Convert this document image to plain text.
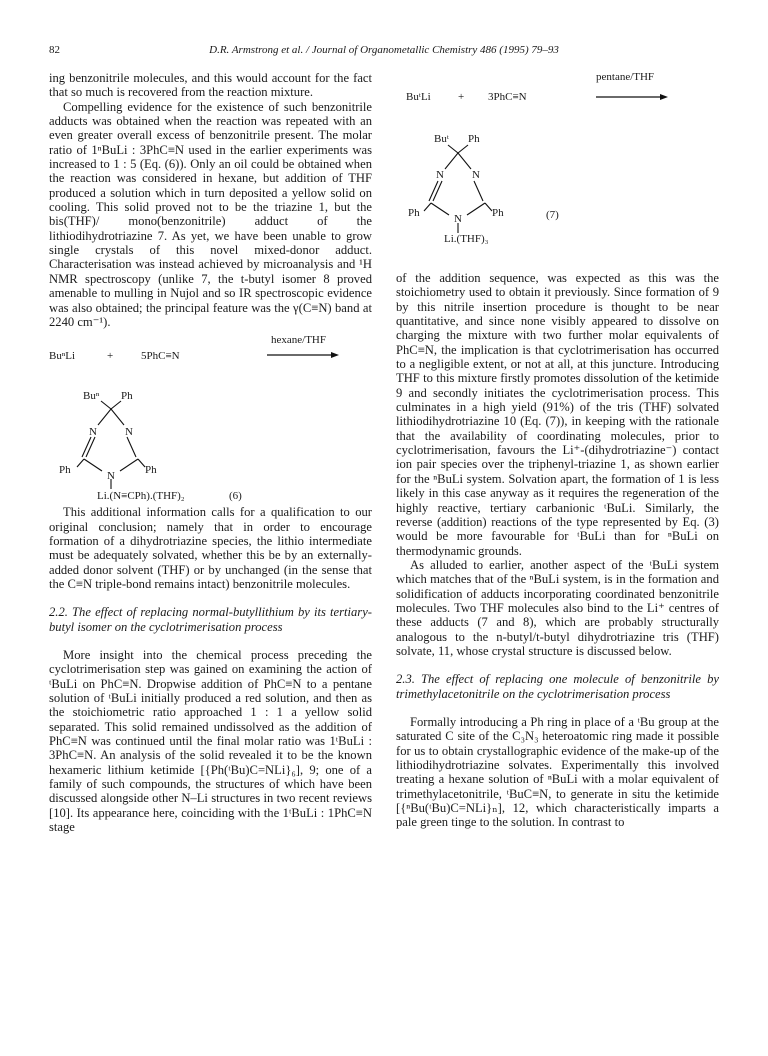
82	D.R. Armstrong et al. / Journal of Organometallic Chemistry 486 (1995) 79–93

ing benzonitrile molecules, and this would account for the fact that so much is recovered from the reaction mixture.

Compelling evidence for the existence of such benzonitrile adducts was obtained when the reaction was repeated with an even greater overall excess of benzonitrile present. The molar ratio of 1ⁿBuLi : 3PhC≡N used in the earlier experiments was increased to 1 : 5 (Eq. (6)). Only an oil could be obtained when the reaction was considered in hexane, but addition of THF produced a solution which in turn deposited a yellow solid on cooling. This solid proved not to be the triazine 1, but the bis(THF)/ mono(benzonitrile) adduct of the lithiodihydrotriazine 7. As yet, we have been unable to grow single crystals of this novel mixed-donor adduct. Characterisation was instead achieved by microanalysis and ¹H NMR spectroscopy (unlike 7, the t-butyl isomer 8 proved amenable to mulling in Nujol and so IR spectroscopic evidence was also obtained; the principal feature was the γ(C≡N) band at 2240 cm⁻¹).

BuⁿLi	+	5PhC≡N
hexane/THF
Buⁿ Ph
N	N
N
Ph	Ph
Li.(N≡CPh).(THF)₂	(6)

This additional information calls for a qualification to our original conclusion; namely that in order to encourage formation of a dihydrotriazine species, the lithio intermediate must be adequately solvated, whether this be by an externally-added donor solvent (THF) or by unchanged (in the sense that the C≡N triple-bond remains intact) benzonitrile molecules.

2.2. The effect of replacing normal-butyllithium by its tertiary-butyl isomer on the cyclotrimerisation process

More insight into the chemical process preceding the cyclotrimerisation step was gained on examining the action of ᵗBuLi on PhC≡N. Dropwise addition of PhC≡N to a pentane solution of ᵗBuLi initially produced a red solution, and then as the stoichiometric ratio approached 1 : 1 a yellow solid separated. This solid remained undissolved as the addition of PhC≡N was continued until the final molar ratio was 1ᵗBuLi : 3PhC≡N. An analysis of the solid revealed it to be the known hexameric lithium ketimide [{Ph(ᵗBu)C=NLi}₆], 9; one of a family of such compounds, the structures of which have been discussed alongside other N–Li structures in two recent reviews [10]. Its appearance here, coinciding with the 1ᵗBuLi : 1PhC≡N stage

BuᵗLi + 3PhC≡N
pentane/THF
Buᵗ Ph
N	N
N
Ph	Ph
Li.(THF)₃
(7)

of the addition sequence, was expected as this was the stoichiometry used to obtain it previously. Since formation of 9 by this nitrile insertion procedure is thought to be near quantitative, and since none visibly appeared to dissolve on charging the mixture with two further molar equivalents of PhC≡N, the implication is that cyclotrimerisation has occurred to a negligible extent, or not at all, at this juncture. Introducing THF to this mixture firstly promotes dissolution of the ketimide 9 and secondly initiates the cyclotrimerisation process. This culminates in a high yield (91%) of the tris (THF) solvated lithiodihydrotriazine 10 (Eq. (7)), in keeping with the rationale that the availability of coordinating molecules, prior to cyclotrimerisation, favours the Li⁺-(dihydrotriazine⁻) contact ion pair species over the triphenyl-triazine 1, as shown earlier for the ⁿBuLi system. Solvation apart, the formation of 1 is less likely in this case anyway as it requires the regeneration of the highly reactive, tertiary carbanionic ᵗBuLi. Similarly, the reverse (addition) reactions of the type represented by Eq. (3) would be more favourable for ᵗBuLi than for ⁿBuLi on thermodynamic grounds.

As alluded to earlier, another aspect of the ᵗBuLi system which matches that of the ⁿBuLi system, is in the formation and solidification of adducts incorporating coordinated benzonitrile molecules. Two THF molecules also bind to the Li⁺ centres of these adducts (7 and 8), which are probably structurally analogous to the n-butyl/t-butyl dihydrotriazine tris (THF) solvate, 11, whose crystal structure is discussed below.

2.3. The effect of replacing one molecule of benzonitrile by trimethylacetonitrile on the cyclotrimerisation process

Formally introducing a Ph ring in place of a ᵗBu group at the saturated C site of the C₃N₃ heteroatomic ring made it possible for us to obtain crystallographic evidence of the make-up of the lithiodihydrotriazine solvates. Experimentally this involved treating a hexane solution of ⁿBuLi with a molar equivalent of trimethylacetonitrile, ᵗBuC≡N, to generate in situ the ketimide [{ⁿBu(ᵗBu)C=NLi}ₙ], 12, which characteristically imparts a pale green tinge to the solution. In contrast to
